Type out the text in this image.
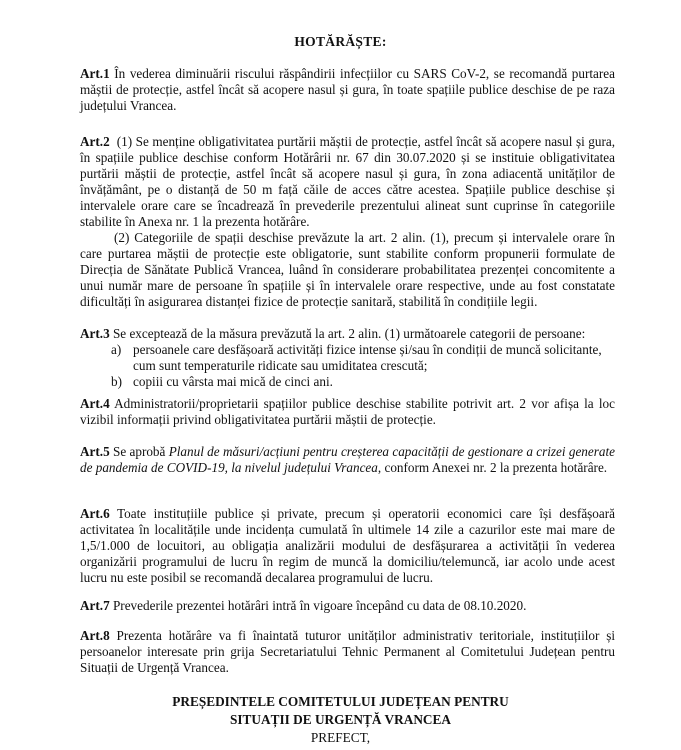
HOTĂRĂȘTE:
Art.1 În vederea diminuării riscului răspândirii infecțiilor cu SARS CoV-2, se recomandă purtarea măștii de protecție, astfel încât să acopere nasul și gura, în toate spațiile publice deschise de pe raza județului Vrancea.
Art.2 (1) Se menține obligativitatea purtării măștii de protecție, astfel încât să acopere nasul și gura, în spațiile publice deschise conform Hotărârii nr. 67 din 30.07.2020 și se instituie obligativitatea purtării măștii de protecție, astfel încât să acopere nasul și gura, în zona adiacentă unităților de învățământ, pe o distanță de 50 m față căile de acces către acestea. Spațiile publice deschise și intervalele orare care se încadrează în prevederile prezentului alineat sunt cuprinse în categoriile stabilite în Anexa nr. 1 la prezenta hotărâre.
(2) Categoriile de spații deschise prevăzute la art. 2 alin. (1), precum și intervalele orare în care purtarea măștii de protecție este obligatorie, sunt stabilite conform propunerii formulate de Direcția de Sănătate Publică Vrancea, luând în considerare probabilitatea prezenței concomitente a unui număr mare de persoane în spațiile și în intervalele orare respective, unde au fost constatate dificultăți în asigurarea distanței fizice de protecție sanitară, stabilită în condițiile legii.
Art.3 Se exceptează de la măsura prevăzută la art. 2 alin. (1) următoarele categorii de persoane:
a) persoanele care desfășoară activități fizice intense și/sau în condiții de muncă solicitante, cum sunt temperaturile ridicate sau umiditatea crescută;
b) copiii cu vârsta mai mică de cinci ani.
Art.4 Administratorii/proprietarii spațiilor publice deschise stabilite potrivit art. 2 vor afișa la loc vizibil informații privind obligativitatea purtării măștii de protecție.
Art.5 Se aprobă Planul de măsuri/acțiuni pentru creșterea capacității de gestionare a crizei generate de pandemia de COVID-19, la nivelul județului Vrancea, conform Anexei nr. 2 la prezenta hotărâre.
Art.6 Toate instituțiile publice și private, precum și operatorii economici care își desfășoară activitatea în localitățile unde incidența cumulată în ultimele 14 zile a cazurilor este mai mare de 1,5/1.000 de locuitori, au obligația analizării modului de desfășurarea a activității în vederea organizării programului de lucru în regim de muncă la domiciliu/telemuncă, iar acolo unde acest lucru nu este posibil se recomandă decalarea programului de lucru.
Art.7 Prevederile prezentei hotărâri intră în vigoare începând cu data de 08.10.2020.
Art.8 Prezenta hotărâre va fi înaintată tuturor unităților administrativ teritoriale, instituțiilor și persoanelor interesate prin grija Secretariatului Tehnic Permanent al Comitetului Județean pentru Situații de Urgență Vrancea.
PREȘEDINTELE COMITETULUI JUDEȚEAN PENTRU
SITUAȚII DE URGENȚĂ VRANCEA
PREFECT,
